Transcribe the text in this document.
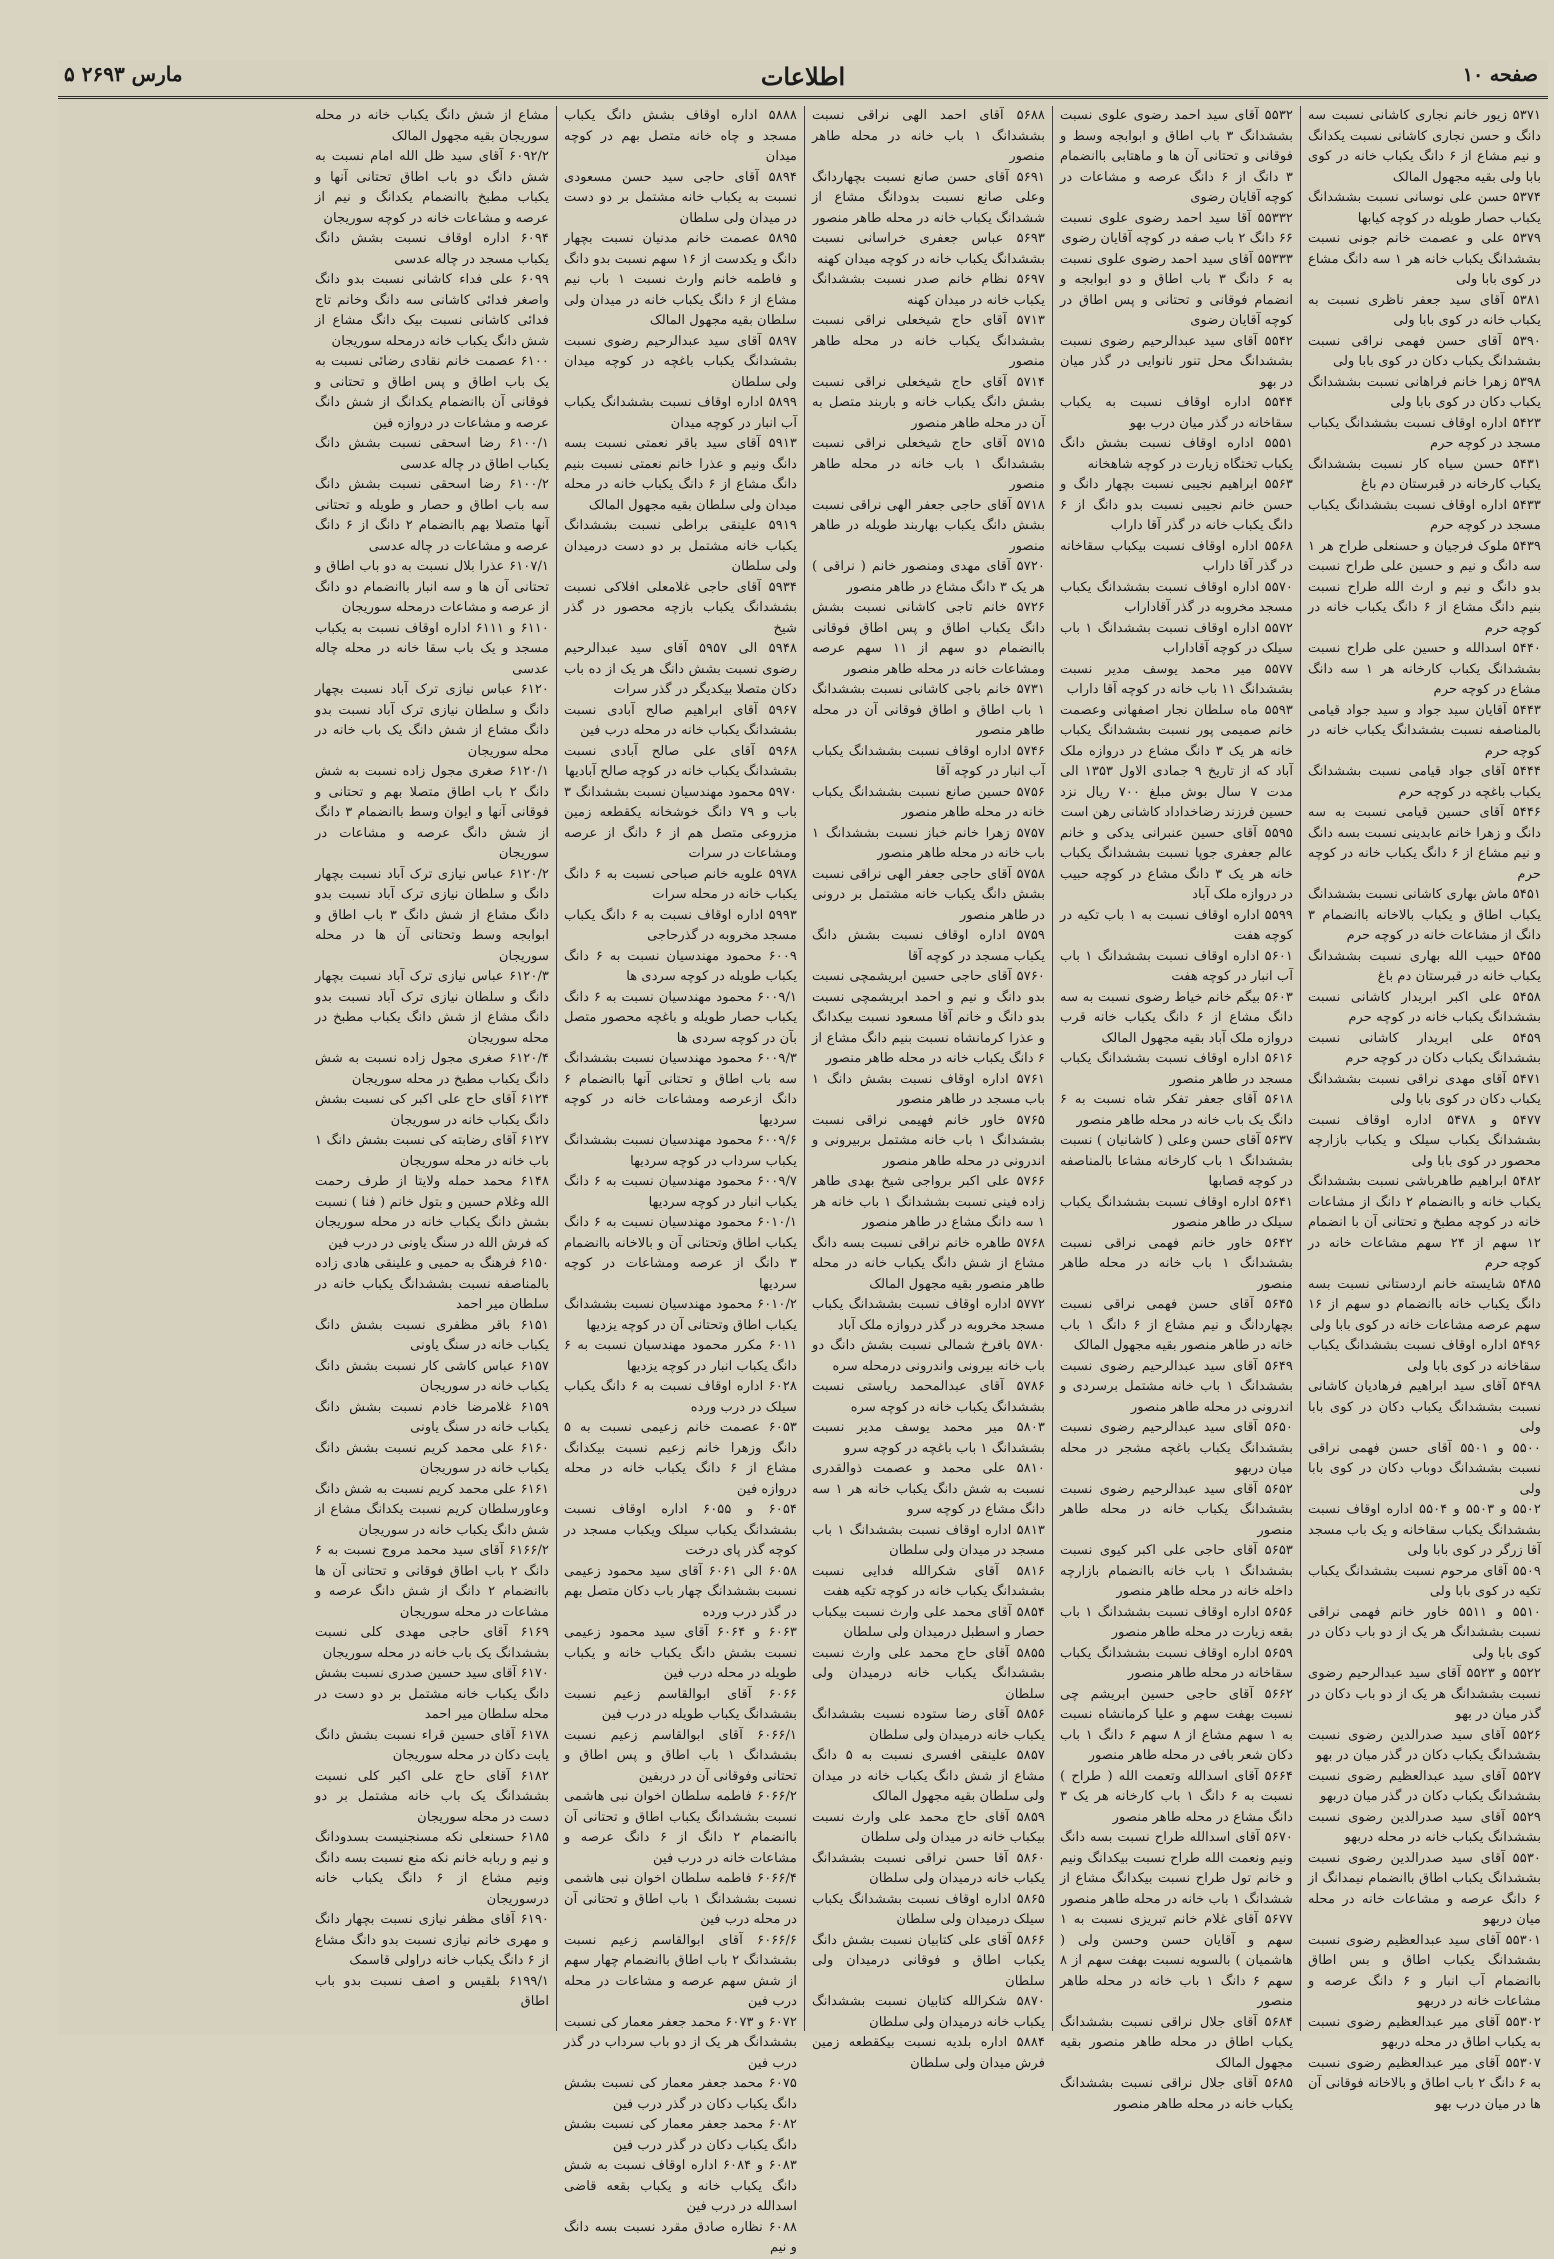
۵ مارس ۲۶۹۳	اطلاعات	صفحه ۱۰

۵۳۷۱ زیور خانم نجاری کاشانی نسبت سه دانگ و حسن نجاری کاشانی نسبت یکدانگ و نیم مشاع از ۶ دانگ یکباب خانه در کوی بابا ولی بقیه مجهول المالک

۵۳۷۴ حسن علی نوسانی نسبت بششدانگ یکباب حصار طویله در کوچه کیابها

۵۳۷۹ علی و عصمت خانم جونی نسبت بششدانگ یکباب خانه هر ۱ سه دانگ مشاع در کوی بابا ولی

۵۳۸۱ آقای سید جعفر ناظری نسبت به یکباب خانه در کوی بابا ولی

۵۳۹۰ آقای حسن فهمی نراقی نسبت بششدانگ یکباب دکان در کوی بابا ولی

۵۳۹۸ زهرا خانم فراهانی نسبت بششدانگ یکباب دکان در کوی بابا ولی

۵۴۲۳ اداره اوقاف نسبت بششدانگ یکباب مسجد در کوچه حرم

۵۴۳۱ حسن سیاه کار نسبت بششدانگ یکباب کارخانه در قبرستان دم باغ

۵۴۳۳ اداره اوقاف نسبت بششدانگ یکباب مسجد در کوچه حرم

۵۴۳۹ ملوک فرجیان و حسنعلی طراح هر ۱ سه دانگ و نیم و حسین علی طراح نسبت بدو دانگ و نیم و ارث الله طراح نسبت بنیم دانگ مشاع از ۶ دانگ یکباب خانه در کوچه حرم

۵۴۴۰ اسدالله و حسین علی طراح نسبت بششدانگ یکباب کارخانه هر ۱ سه دانگ مشاع در کوچه حرم

۵۴۴۳ آقایان سید جواد و سید جواد قیامی بالمناصفه نسبت بششدانگ یکباب خانه در کوچه حرم

۵۴۴۴ آقای جواد قیامی نسبت بششدانگ یکباب باغچه در کوچه حرم

۵۴۴۶ آقای حسین قیامی نسبت به سه دانگ و زهرا خانم عابدینی نسبت بسه دانگ و نیم مشاع از ۶ دانگ یکباب خانه در کوچه حرم

۵۴۵۱ ماش بهاری کاشانی نسبت بششدانگ یکباب اطاق و یکباب بالاخانه باانضمام ۳ دانگ از مشاعات خانه در کوچه حرم

۵۴۵۵ حبیب الله بهاری نسبت بششدانگ یکباب خانه در قبرستان دم باغ

۵۴۵۸ علی اکبر ابریدار کاشانی نسبت بششدانگ یکباب خانه در کوچه حرم

۵۴۵۹ علی ابریدار کاشانی نسبت بششدانگ یکباب دکان در کوچه حرم

۵۴۷۱ آقای مهدی نراقی نسبت بششدانگ یکباب دکان در کوی بابا ولی

۵۴۷۷ و ۵۴۷۸ اداره اوقاف نسبت بششدانگ یکباب سیلک و یکباب بازارچه محصور در کوی بابا ولی

۵۴۸۲ ابراهیم طاهرباشی نسبت بششدانگ یکباب خانه و باانضمام ۲ دانگ از مشاعات خانه در کوچه مطبخ و تحتانی آن با انضمام ۱۲ سهم از ۲۴ سهم مشاعات خانه در کوچه حرم

۵۴۸۵ شایسته خانم اردستانی نسبت بسه دانگ یکباب خانه باانضمام دو سهم از ۱۶ سهم عرصه مشاعات خانه در کوی بابا ولی

۵۴۹۶ اداره اوقاف نسبت بششدانگ یکباب سقاخانه در کوی بابا ولی

۵۴۹۸ آقای سید ابراهیم فرهادیان کاشانی نسبت بششدانگ یکباب دکان در کوی بابا ولی

۵۵۰۰ و ۵۵۰۱ آقای حسن فهمی نراقی نسبت بششدانگ دوباب دکان در کوی بابا ولی

۵۵۰۲ و ۵۵۰۳ و ۵۵۰۴ اداره اوقاف نسبت بششدانگ یکباب سقاخانه و یک باب مسجد آقا زرگر در کوی بابا ولی

۵۵۰۹ آقای مرحوم نسبت بششدانگ یکباب تکیه در کوی بابا ولی

۵۵۱۰ و ۵۵۱۱ خاور خانم فهمی نراقی نسبت بششدانگ هر یک از دو باب دکان در کوی بابا ولی

۵۵۲۲ و ۵۵۲۳ آقای سید عبدالرحیم رضوی نسبت بششدانگ هر یک از دو باب دکان در گذر میان در بهو

۵۵۲۶ آقای سید صدرالدین رضوی نسبت بششدانگ یکباب دکان در گذر میان در بهو

۵۵۲۷ آقای سید عبدالعظیم رضوی نسبت بششدانگ یکباب دکان در گذر میان دربهو

۵۵۲۹ آقای سید صدرالدین رضوی نسبت بششدانگ یکباب خانه در محله دربهو

۵۵۳۰ آقای سید صدرالدین رضوی نسبت بششدانگ یکباب اطاق باانضمام نیمدانگ از ۶ دانگ عرصه و مشاعات خانه در محله میان دربهو

۵۵۳۰۱ آقای سید عبدالعظیم رضوی نسبت بششدانگ یکباب اطاق و بس اطاق باانضمام آب انبار و ۶ دانگ عرصه و مشاعات خانه در دربهو

۵۵۳۰۲ آقای میر عبدالعظیم رضوی نسبت به یکباب اطاق در محله دربهو

۵۵۳۰۷ آقای میر عبدالعظیم رضوی نسبت به ۶ دانگ ۲ باب اطاق و بالاخانه فوقانی آن ها در میان درب بهو

۵۵۳۲ آقای سید احمد رضوی علوی نسبت بششدانگ ۳ باب اطاق و ابوابجه وسط و فوقانی و تحتانی آن ها و ماهتابی باانضمام ۳ دانگ از ۶ دانگ عرصه و مشاعات در کوچه آقایان رضوی

۵۵۳۳۲ آقا سید احمد رضوی علوی نسبت ۶۶ دانگ ۲ باب صفه در کوچه آقایان رضوی

۵۵۳۳۳ آقای سید احمد رضوی علوی نسبت به ۶ دانگ ۳ باب اطاق و دو ابوابجه و انضمام فوقانی و تحتانی و پس اطاق در کوچه آقایان رضوی

۵۵۴۲ آقای سید عبدالرحیم رضوی نسبت بششدانگ محل تنور نانوایی در گذر میان در بهو

۵۵۴۴ اداره اوقاف نسبت به یکباب سقاخانه در گذر میان درب بهو

۵۵۵۱ اداره اوقاف نسبت بشش دانگ یکباب تختگاه زیارت در کوچه شاهخانه

۵۵۶۳ ابراهیم نجیبی نسبت بچهار دانگ و حسن خانم نجیبی نسبت بدو دانگ از ۶ دانگ یکباب خانه در گذر آقا داراب

۵۵۶۸ اداره اوقاف نسبت بیکباب سقاخانه در گذر آقا داراب

۵۵۷۰ اداره اوقاف نسبت بششدانگ یکباب مسجد مخروبه در گذر آقاداراب

۵۵۷۲ اداره اوقاف نسبت بششدانگ ۱ باب سیلک در کوچه آقاداراب

۵۵۷۷ میر محمد یوسف مدیر نسبت بششدانگ ۱۱ باب خانه در کوچه آقا داراب

۵۵۹۳ ماه سلطان نجار اصفهانی وعصمت خانم صمیمی پور نسبت بششدانگ یکباب خانه هر یک ۳ دانگ مشاع در دروازه ملک آباد که از تاریخ ۹ جمادی الاول ۱۳۵۳ الی مدت ۷ سال بوش مبلغ ۷۰۰ ریال نزد حسین فرزند رضاخداداد کاشانی رهن است

۵۵۹۵ آقای حسین عنبرانی یدکی و خانم عالم جعفری جوپا نسبت بششدانگ یکباب خانه هر یک ۳ دانگ مشاع در کوچه حبیب در دروازه ملک آباد

۵۵۹۹ اداره اوقاف نسبت به ۱ باب تکیه در کوچه هفت

۵۶۰۱ اداره اوقاف نسبت بششدانگ ۱ باب آب انبار در کوچه هفت

۵۶۰۳ بیگم خانم خیاط رضوی نسبت به سه دانگ مشاع از ۶ دانگ یکباب خانه قرب دروازه ملک آباد بقیه مجهول المالک

۵۶۱۶ اداره اوقاف نسبت بششدانگ یکباب مسجد در طاهر منصور

۵۶۱۸ آقای جعفر تفکر شاه نسبت به ۶ دانگ یک باب خانه در محله طاهر منصور

۵۶۳۷ آقای حسن وعلی ( کاشانیان ) نسبت بششدانگ ۱ باب کارخانه مشاعا بالمناصفه در کوچه قصابها

۵۶۴۱ اداره اوقاف نسبت بششدانگ یکباب سیلک در طاهر منصور

۵۶۴۲ خاور خانم فهمی نراقی نسبت بششدانگ ۱ باب خانه در محله طاهر منصور

۵۶۴۵ آقای حسن فهمی نراقی نسبت بچهاردانگ و نیم مشاع از ۶ دانگ ۱ باب خانه در طاهر منصور بقیه مجهول المالک

۵۶۴۹ آقای سید عبدالرحیم رضوی نسبت بششدانگ ۱ باب خانه مشتمل برسردی و اندرونی در محله طاهر منصور

۵۶۵۰ آقای سید عبدالرحیم رضوی نسبت بششدانگ یکباب باغچه مشجر در محله میان دربهو

۵۶۵۲ آقای سید عبدالرحیم رضوی نسبت بششدانگ یکباب خانه در محله طاهر منصور

۵۶۵۳ آقای حاجی علی اکبر کیوی نسبت بششدانگ ۱ باب خانه باانضمام بازارچه داخله خانه در محله طاهر منصور

۵۶۵۶ اداره اوقاف نسبت بششدانگ ۱ باب بقعه زیارت در محله طاهر منصور

۵۶۵۹ اداره اوقاف نسبت بششدانگ یکباب سقاخانه در محله طاهر منصور

۵۶۶۲ آقای حاجی حسین ابریشم چی نسبت بهفت سهم و علیا کرمانشاه نسبت به ۱ سهم مشاع از ۸ سهم ۶ دانگ ۱ باب دکان شعر بافی در محله طاهر منصور

۵۶۶۴ آقای اسدالله وتعمت الله ( طراح ) نسبت به ۶ دانگ ۱ باب کارخانه هر یک ۳ دانگ مشاع در محله طاهر منصور

۵۶۷۰ آقای اسدالله طراح نسبت بسه دانگ ونیم ونعمت الله طراح نسبت بیکدانگ ونیم و خانم تول طراح نسبت بیکدانگ مشاع از ششدانگ ۱ باب خانه در محله طاهر منصور

۵۶۷۷ آقای غلام خانم تبریزی نسبت به ۱ سهم و آقایان حسن وحسن ولی ( هاشمیان ) بالسویه نسبت بهفت سهم از ۸ سهم ۶ دانگ ۱ باب خانه در محله طاهر منصور

۵۶۸۴ آقای جلال نراقی نسبت بششدانگ یکباب اطاق در محله طاهر منصور بقیه مجهول المالک

۵۶۸۵ آقای جلال نراقی نسبت بششدانگ یکباب خانه در محله طاهر منصور

۵۶۸۸ آقای احمد الهی نراقی نسبت بششدانگ ۱ باب خانه در محله طاهر منصور

۵۶۹۱ آقای حسن صانع نسبت بچهاردانگ وعلی صانع نسبت بدودانگ مشاع از ششدانگ یکباب خانه در محله طاهر منصور

۵۶۹۳ عباس جعفری خراسانی نسبت بششدانگ یکباب خانه در کوچه میدان کهنه

۵۶۹۷ نظام خانم صدر نسبت بششدانگ یکباب خانه در میدان کهنه

۵۷۱۳ آقای حاج شیخعلی نراقی نسبت بششدانگ یکباب خانه در محله طاهر منصور

۵۷۱۴ آقای حاج شیخعلی نراقی نسبت بشش دانگ یکباب خانه و باربند متصل به آن در محله طاهر منصور

۵۷۱۵ آقای حاج شیخعلی نراقی نسبت بششدانگ ۱ باب خانه در محله طاهر منصور

۵۷۱۸ آقای حاجی جعفر الهی نراقی نسبت بشش دانگ یکباب بهاربند طویله در طاهر منصور

۵۷۲۰ آقای مهدی ومنصور خانم ( نراقی ) هر یک ۳ دانگ مشاع در طاهر منصور

۵۷۲۶ خانم تاجی کاشانی نسبت بشش دانگ یکباب اطاق و پس اطاق فوقانی باانضمام دو سهم از ۱۱ سهم عرصه ومشاعات خانه در محله طاهر منصور

۵۷۳۱ خانم باجی کاشانی نسبت بششدانگ ۱ باب اطاق و اطاق فوقانی آن در محله طاهر منصور

۵۷۴۶ اداره اوقاف نسبت بششدانگ یکباب آب انبار در کوچه آقا

۵۷۵۶ حسین صانع نسبت بششدانگ یکباب خانه در محله طاهر منصور

۵۷۵۷ زهرا خانم خباز نسبت بششدانگ ۱ باب خانه در محله طاهر منصور

۵۷۵۸ آقای حاجی جعفر الهی نراقی نسبت بشش دانگ یکباب خانه مشتمل بر درونی در طاهر منصور

۵۷۵۹ اداره اوقاف نسبت بشش دانگ یکباب مسجد در کوچه آقا

۵۷۶۰ آقای حاجی حسین ابریشمچی نسبت بدو دانگ و نیم و احمد ابریشمچی نسبت بدو دانگ و خانم آقا مسعود نسبت بیکدانگ و عذرا کرمانشاه نسبت بنیم دانگ مشاع از ۶ دانگ یکباب خانه در محله طاهر منصور

۵۷۶۱ اداره اوقاف نسبت بشش دانگ ۱ باب مسجد در طاهر منصور

۵۷۶۵ خاور خانم فهیمی نراقی نسبت بششدانگ ۱ باب خانه مشتمل بربیرونی و اندرونی در محله طاهر منصور

۵۷۶۶ علی اکبر برواجی شیخ بهدی طاهر زاده فینی نسبت بششدانگ ۱ باب خانه هر ۱ سه دانگ مشاع در طاهر منصور

۵۷۶۸ طاهره خانم نراقی نسبت بسه دانگ مشاع از شش دانگ یکباب خانه در محله طاهر منصور بقیه مجهول المالک

۵۷۷۲ اداره اوقاف نسبت بششدانگ یکباب مسجد مخروبه در گذر دروازه ملک آباد

۵۷۸۰ بافرخ شمالی نسبت بشش دانگ دو باب خانه بیرونی واندرونی درمحله سره

۵۷۸۶ آقای عبدالمحمد ریاستی نسبت بششدانگ یکباب خانه در کوچه سره

۵۸۰۳ میر محمد یوسف مدیر نسبت بششدانگ ۱ باب باغچه در کوچه سرو

۵۸۱۰ علی محمد و عصمت ذوالقدری نسبت به شش دانگ یکباب خانه هر ۱ سه دانگ مشاع در کوچه سرو

۵۸۱۳ اداره اوقاف نسبت بششدانگ ۱ باب مسجد در میدان ولی سلطان

۵۸۱۶ آقای شکرالله فدایی نسبت بششدانگ یکباب خانه در کوچه تکیه هفت

۵۸۵۴ آقای محمد علی وارث نسبت بیکباب حصار و اسطبل درمیدان ولی سلطان

۵۸۵۵ آقای حاج محمد علی وارث نسبت بششدانگ یکباب خانه درمیدان ولی سلطان

۵۸۵۶ آقای رضا ستوده نسبت بششدانگ یکباب خانه درمیدان ولی سلطان

۵۸۵۷ علینقی افسری نسبت به ۵ دانگ مشاع از شش دانگ یکباب خانه در میدان ولی سلطان بقیه مجهول المالک

۵۸۵۹ آقای حاج محمد علی وارث نسبت بیکباب خانه در میدان ولی سلطان

۵۸۶۰ آقا حسن نراقی نسبت بششدانگ یکباب خانه درمیدان ولی سلطان

۵۸۶۵ اداره اوقاف نسبت بششدانگ یکباب سیلک درمیدان ولی سلطان

۵۸۶۶ آقای علی کتابیان نسبت بشش دانگ یکباب اطاق و فوقانی درمیدان ولی سلطان

۵۸۷۰ شکرالله کتابیان نسبت بششدانگ یکباب خانه درمیدان ولی سلطان

۵۸۸۴ اداره بلدیه نسبت بیکقطعه زمین فرش میدان ولی سلطان

۵۸۸۸ اداره اوقاف بشش دانگ یکباب مسجد و چاه خانه متصل بهم در کوچه میدان

۵۸۹۴ آقای حاجی سید حسن مسعودی نسبت به یکباب خانه مشتمل بر دو دست در میدان ولی سلطان

۵۸۹۵ عصمت خانم مدنیان نسبت بچهار دانگ و یکدست از ۱۶ سهم نسبت بدو دانگ و فاطمه خانم وارث نسبت ۱ باب نیم مشاع از ۶ دانگ یکباب خانه در میدان ولی سلطان بقیه مجهول المالک

۵۸۹۷ آقای سید عبدالرحیم رضوی نسبت بششدانگ یکباب باغچه در کوچه میدان ولی سلطان

۵۸۹۹ اداره اوقاف نسبت بششدانگ یکباب آب انبار در کوچه میدان

۵۹۱۳ آقای سید باقر نعمتی نسبت بسه دانگ ونیم و عذرا خانم نعمتی نسبت بنیم دانگ مشاع از ۶ دانگ یکباب خانه در محله میدان ولی سلطان بقیه مجهول المالک

۵۹۱۹ علینقی براطی نسبت بششدانگ یکباب خانه مشتمل بر دو دست درمیدان ولی سلطان

۵۹۳۴ آقای حاجی غلامعلی افلاکی نسبت بششدانگ یکباب بازچه محصور در گذر شیخ

۵۹۴۸ الی ۵۹۵۷ آقای سید عبدالرحیم رضوی نسبت بشش دانگ هر یک از ده باب دکان متصلا بیکدیگر در گذر سرات

۵۹۶۷ آقای ابراهیم صالح آبادی نسبت بششدانگ یکباب خانه در محله درب فین

۵۹۶۸ آقای علی صالح آبادی نسبت بششدانگ یکباب خانه در کوچه صالح آبادیها

۵۹۷۰ محمود مهندسیان نسبت بششدانگ ۳ باب و ۷۹ دانگ خوشخانه یکقطعه زمین مزروعی متصل هم از ۶ دانگ از عرصه ومشاعات در سرات

۵۹۷۸ علویه خانم صباحی نسبت به ۶ دانگ یکباب خانه در محله سرات

۵۹۹۳ اداره اوقاف نسبت به ۶ دانگ یکباب مسجد مخروبه در گذرحاجی

۶۰۰۹ محمود مهندسیان نسبت به ۶ دانگ یکباب طویله در کوچه سردی ها

۶۰۰۹/۱ محمود مهندسیان نسبت به ۶ دانگ یکباب حصار طویله و باغچه محصور متصل بآن در کوچه سردی ها

۶۰۰۹/۳ محمود مهندسیان نسبت بششدانگ سه باب اطاق و تحتانی آنها باانضمام ۶ دانگ ازعرصه ومشاعات خانه در کوچه سردیها

۶۰۰۹/۶ محمود مهندسیان نسبت بششدانگ یکباب سرداب در کوچه سردیها

۶۰۰۹/۷ محمود مهندسیان نسبت به ۶ دانگ یکباب انبار در کوچه سردیها

۶۰۱۰/۱ محمود مهندسیان نسبت به ۶ دانگ یکباب اطاق وتحتانی آن و بالاخانه باانضمام ۳ دانگ از عرصه ومشاعات در کوچه سردیها

۶۰۱۰/۲ محمود مهندسیان نسبت بششدانگ یکباب اطاق وتحتانی آن در کوچه یزدیها

۶۰۱۱ مکرر محمود مهندسیان نسبت به ۶ دانگ یکباب انبار در کوچه یزدیها

۶۰۲۸ اداره اوقاف نسبت به ۶ دانگ یکباب سیلک در درب ورده

۶۰۵۳ عصمت خانم زعیمی نسبت به ۵ دانگ وزهرا خانم زعیم نسبت بیکدانگ مشاع از ۶ دانگ یکباب خانه در محله دروازه فین

۶۰۵۴ و ۶۰۵۵ اداره اوقاف نسبت بششدانگ یکباب سیلک ویکباب مسجد در کوچه گذر پای درخت

۶۰۵۸ الی ۶۰۶۱ آقای سید محمود زعیمی نسبت بششدانگ چهار باب دکان متصل بهم در گذر درب ورده

۶۰۶۳ و ۶۰۶۴ آقای سید محمود زعیمی نسبت بشش دانگ یکباب خانه و یکباب طویله در محله درب فین

۶۰۶۶ آقای ابوالقاسم زعیم نسبت بششدانگ یکباب طویله در درب فین

۶۰۶۶/۱ آقای ابوالقاسم زعیم نسبت بششدانگ ۱ باب اطاق و پس اطاق و تحتانی وفوقانی آن در دربفین

۶۰۶۶/۲ فاطمه سلطان اخوان نبی هاشمی نسبت بششدانگ یکباب اطاق و تحتانی آن باانضمام ۲ دانگ از ۶ دانگ عرصه و مشاعات خانه در درب فین

۶۰۶۶/۴ فاطمه سلطان اخوان نبی هاشمی نسبت بششدانگ ۱ باب اطاق و تحتانی آن در محله درب فین

۶۰۶۶/۶ آقای ابوالقاسم زعیم نسبت بششدانگ ۲ باب اطاق باانضمام چهار سهم از شش سهم عرصه و مشاعات در محله درب فین

۶۰۷۲ و ۶۰۷۳ محمد جعفر معمار کی نسبت بششدانگ هر یک از دو باب سرداب در گذر درب فین

۶۰۷۵ محمد جعفر معمار کی نسبت بشش دانگ یکباب دکان در گذر درب فین

۶۰۸۲ محمد جعفر معمار کی نسبت بشش دانگ یکباب دکان در گذر درب فین

۶۰۸۳ و ۶۰۸۴ اداره اوقاف نسبت به شش دانگ یکباب خانه و یکباب بقعه قاضی اسدالله در درب فین

۶۰۸۸ نظاره صادق مقرد نسبت بسه دانگ و نیم

مشاع از شش دانگ یکباب خانه در محله سوریجان بقیه مجهول المالک

۶۰۹۲/۲ آقای سید ظل الله امام نسبت به شش دانگ دو باب اطاق تحتانی آنها و یکباب مطبخ باانضمام یکدانگ و نیم از عرصه و مشاعات خانه در کوچه سوریجان

۶۰۹۴ اداره اوقاف نسبت بشش دانگ یکباب مسجد در چاله عدسی

۶۰۹۹ علی فداء کاشانی نسبت بدو دانگ واصغر فدائی کاشانی سه دانگ وخانم تاج فدائی کاشانی نسبت بیک دانگ مشاع از شش دانگ یکباب خانه درمحله سوریجان

۶۱۰۰ عصمت خانم نقادی رضائی نسبت به یک باب اطاق و پس اطاق و تحتانی و فوقانی آن باانضمام یکدانگ از شش دانگ عرصه و مشاعات در دروازه فین

۶۱۰۰/۱ رضا اسحقی نسبت بشش دانگ یکباب اطاق در چاله عدسی

۶۱۰۰/۲ رضا اسحقی نسبت بشش دانگ سه باب اطاق و حصار و طویله و تحتانی آنها متصلا بهم باانضمام ۲ دانگ از ۶ دانگ عرصه و مشاعات در چاله عدسی

۶۱۰۷/۱ عذرا بلال نسبت به دو باب اطاق و تحتانی آن ها و سه انبار باانضمام دو دانگ از عرصه و مشاعات درمحله سوریجان

۶۱۱۰ و ۶۱۱۱ اداره اوقاف نسبت به یکباب مسجد و یک باب سقا خانه در محله چاله عدسی

۶۱۲۰ عباس نیازی ترک آباد نسبت بچهار دانگ و سلطان نیازی ترک آباد نسبت بدو دانگ مشاع از شش دانگ یک باب خانه در محله سوریجان

۶۱۲۰/۱ صغری مجول زاده نسبت به شش دانگ ۲ باب اطاق متصلا بهم و تحتانی و فوقانی آنها و ایوان وسط باانضمام ۳ دانگ از شش دانگ عرصه و مشاعات در سوریجان

۶۱۲۰/۲ عباس نیازی ترک آباد نسبت بچهار دانگ و سلطان نیازی ترک آباد نسبت بدو دانگ مشاع از شش دانگ ۳ باب اطاق و ابوابجه وسط وتحتانی آن ها در محله سوریجان

۶۱۲۰/۳ عباس نیازی ترک آباد نسبت بچهار دانگ و سلطان نیازی ترک آباد نسبت بدو دانگ مشاع از شش دانگ یکباب مطبخ در محله سوریجان

۶۱۲۰/۴ صغری مجول زاده نسبت به شش دانگ یکباب مطبخ در محله سوریجان

۶۱۲۴ آقای حاج علی اکبر کی نسبت بشش دانگ یکباب خانه در سوریجان

۶۱۲۷ آقای رضابته کی نسبت بشش دانگ ۱ باب خانه در محله سوریجان

۶۱۴۸ محمد حمله ولایتا از طرف رحمت الله وغلام حسین و بتول خانم ( فنا ) نسبت بشش دانگ یکباب خانه در محله سوریجان که فرش الله در سنگ یاونی در درب فین

۶۱۵۰ فرهنگ به حمیی و علینقی هادی زاده بالمناصفه نسبت بششدانگ یکباب خانه در سلطان میر احمد

۶۱۵۱ باقر مظفری نسبت بشش دانگ یکباب خانه در سنگ یاونی

۶۱۵۷ عباس کاشی کار نسبت بشش دانگ یکباب خانه در سوریجان

۶۱۵۹ غلامرضا خادم نسبت بشش دانگ یکباب خانه در سنگ یاونی

۶۱۶۰ علی محمد کریم نسبت بشش دانگ یکباب خانه در سوریجان

۶۱۶۱ علی محمد کریم نسبت به شش دانگ وعاورسلطان کریم نسبت یکدانگ مشاع از شش دانگ یکباب خانه در سوریجان

۶۱۶۶/۲ آقای سید محمد مروج نسبت به ۶ دانگ ۲ باب اطاق فوقانی و تحتانی آن ها باانضمام ۲ دانگ از شش دانگ عرصه و مشاعات در محله سوریجان

۶۱۶۹ آقای حاجی مهدی کلی نسبت بششدانگ یک باب خانه در محله سوریجان

۶۱۷۰ آقای سید حسین صدری نسبت بشش دانگ یکباب خانه مشتمل بر دو دست در محله سلطان میر احمد

۶۱۷۸ آقای حسین قراء نسبت بشش دانگ یابت دکان در محله سوریجان

۶۱۸۲ آقای حاج علی اکبر کلی نسبت بششدانگ یک باب خانه مشتمل بر دو دست در محله سوریجان

۶۱۸۵ حسنعلی نکه مسنجنیست بسدودانگ و نیم و ربابه خانم نکه منع نسبت بسه دانگ ونیم مشاع از ۶ دانگ یکباب خانه درسوریجان

۶۱۹۰ آقای مظفر نیازی نسبت بچهار دانگ و مهری خانم نیازی نسبت بدو دانگ مشاع از ۶ دانگ یکباب خانه دراولی قاسمک

۶۱۹۹/۱ بلقیس و اصف نسبت بدو باب اطاق
